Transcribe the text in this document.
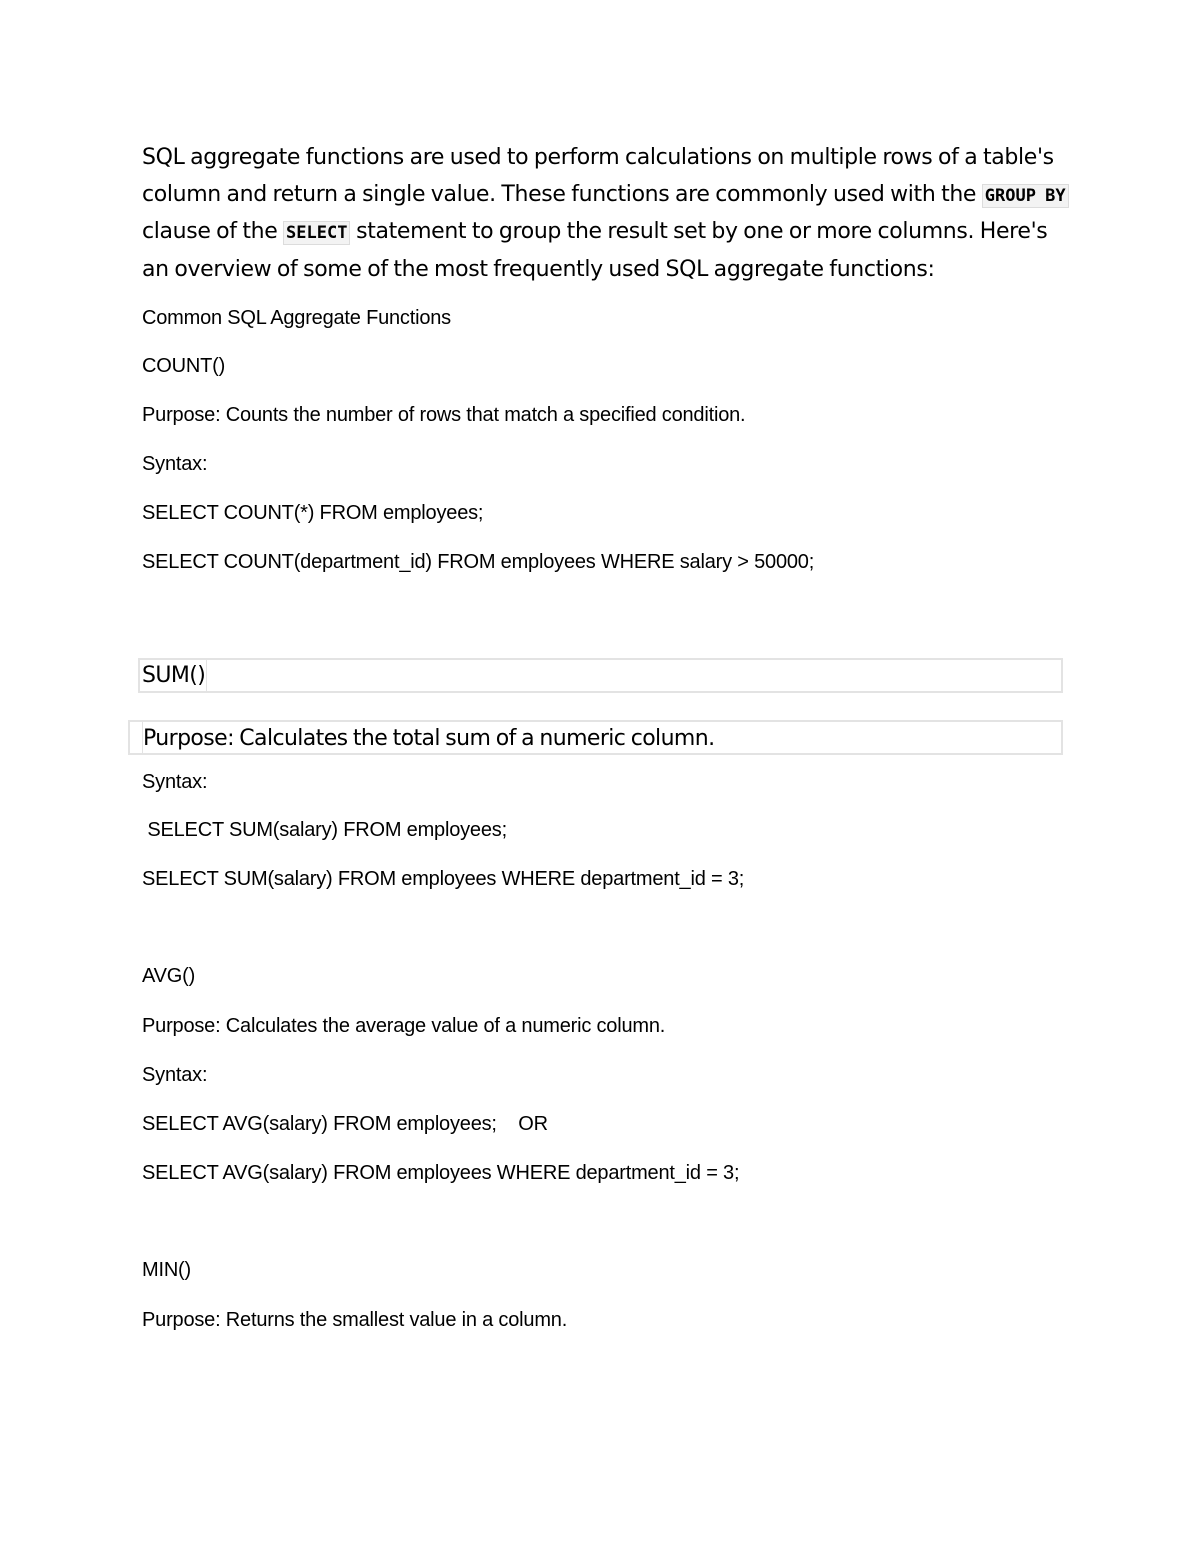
SQL aggregate functions are used to perform calculations on multiple rows of a table's
column and return a single value. These functions are commonly used with the GROUP BY
clause of the SELECT statement to group the result set by one or more columns. Here's
an overview of some of the most frequently used SQL aggregate functions:
Common SQL Aggregate Functions
COUNT()
Purpose: Counts the number of rows that match a specified condition.
Syntax:
SELECT COUNT(*) FROM employees;
SELECT COUNT(department_id) FROM employees WHERE salary > 50000;
SUM()
Purpose: Calculates the total sum of a numeric column.
Syntax:
SELECT SUM(salary) FROM employees;
SELECT SUM(salary) FROM employees WHERE department_id = 3;
AVG()
Purpose: Calculates the average value of a numeric column.
Syntax:
SELECT AVG(salary) FROM employees;    OR
SELECT AVG(salary) FROM employees WHERE department_id = 3;
MIN()
Purpose: Returns the smallest value in a column.
